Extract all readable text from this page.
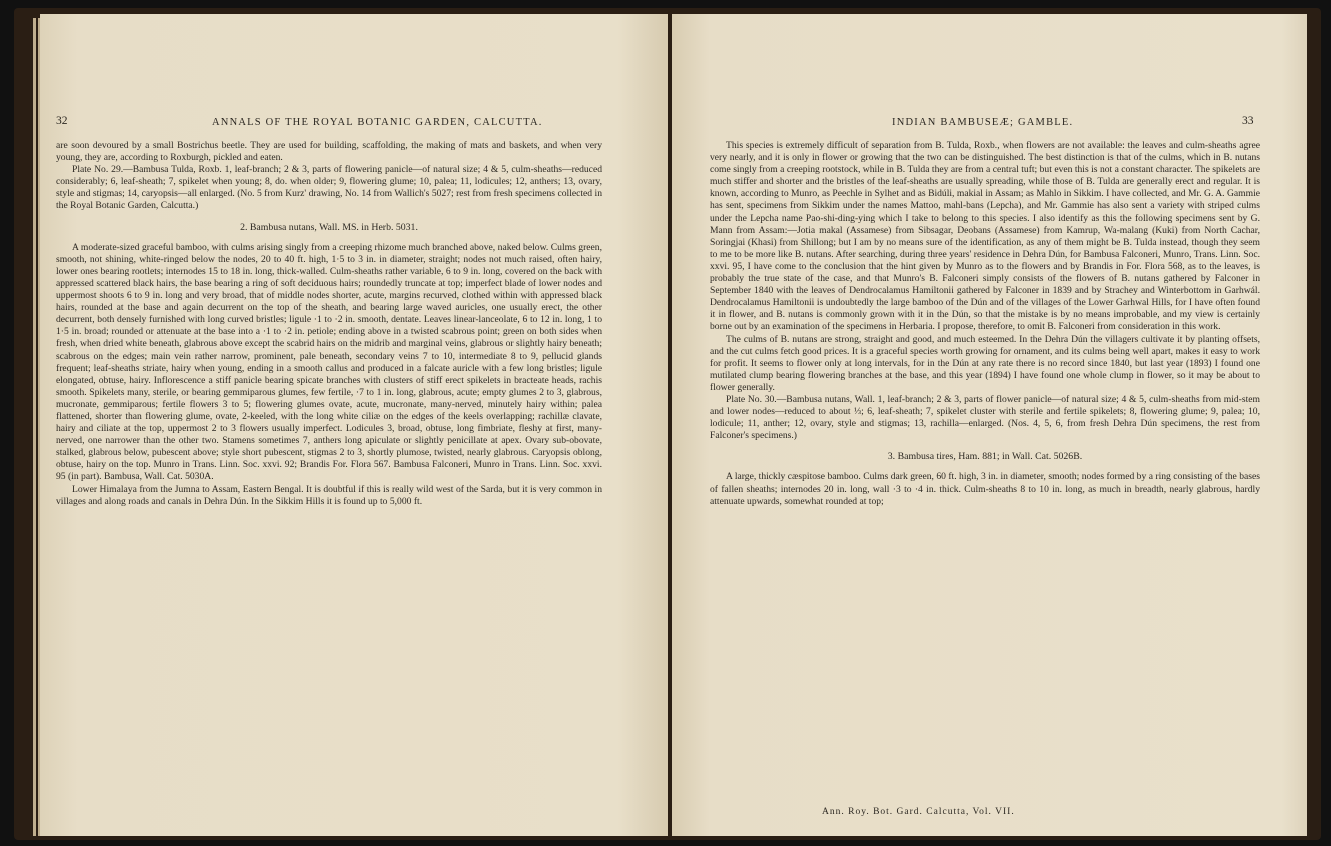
32	ANNALS OF THE ROYAL BOTANIC GARDEN, CALCUTTA.

are soon devoured by a small Bostrichus beetle. They are used for building, scaffolding, the making of mats and baskets, and when very young, they are, according to Roxburgh, pickled and eaten.

Plate No. 29.—Bambusa Tulda, Roxb. 1, leaf-branch; 2 & 3, parts of flowering panicle—of natural size; 4 & 5, culm-sheaths—reduced considerably; 6, leaf-sheath; 7, spikelet when young; 8, do. when older; 9, flowering glume; 10, palea; 11, lodicules; 12, anthers; 13, ovary, style and stigmas; 14, caryopsis—all enlarged. (No. 5 from Kurz' drawing, No. 14 from Wallich's 5027; rest from fresh specimens collected in the Royal Botanic Garden, Calcutta.)

2. Bambusa nutans, Wall. MS. in Herb. 5031.

A moderate-sized graceful bamboo, with culms arising singly from a creeping rhizome much branched above, naked below. Culms green, smooth, not shining, white-ringed below the nodes, 20 to 40 ft. high, 1·5 to 3 in. in diameter, straight; nodes not much raised, often hairy, lower ones bearing rootlets; internodes 15 to 18 in. long, thick-walled. Culm-sheaths rather variable, 6 to 9 in. long, covered on the back with appressed scattered black hairs, the base bearing a ring of soft deciduous hairs; roundedly truncate at top; imperfect blade of lower nodes and uppermost shoots 6 to 9 in. long and very broad, that of middle nodes shorter, acute, margins recurved, clothed within with appressed black hairs, rounded at the base and again decurrent on the top of the sheath, and bearing large waved auricles, one usually erect, the other decurrent, both densely furnished with long curved bristles; ligule ·1 to ·2 in. smooth, dentate. Leaves linear-lanceolate, 6 to 12 in. long, 1 to 1·5 in. broad; rounded or attenuate at the base into a ·1 to ·2 in. petiole; ending above in a twisted scabrous point; green on both sides when fresh, when dried white beneath, glabrous above except the scabrid hairs on the midrib and marginal veins, glabrous or slightly hairy beneath; scabrous on the edges; main vein rather narrow, prominent, pale beneath, secondary veins 7 to 10, intermediate 8 to 9, pellucid glands frequent; leaf-sheaths striate, hairy when young, ending in a smooth callus and produced in a falcate auricle with a few long bristles; ligule elongated, obtuse, hairy. Inflorescence a stiff panicle bearing spicate branches with clusters of stiff erect spikelets in bracteate heads, rachis smooth. Spikelets many, sterile, or bearing gemmiparous glumes, few fertile, ·7 to 1 in. long, glabrous, acute; empty glumes 2 to 3, glabrous, mucronate, gemmiparous; fertile flowers 3 to 5; flowering glumes ovate, acute, mucronate, many-nerved, minutely hairy within; palea flattened, shorter than flowering glume, ovate, 2-keeled, with the long white ciliæ on the edges of the keels overlapping; rachillæ clavate, hairy and ciliate at the top, uppermost 2 to 3 flowers usually imperfect. Lodicules 3, broad, obtuse, long fimbriate, fleshy at first, many-nerved, one narrower than the other two. Stamens sometimes 7, anthers long apiculate or slightly penicillate at apex. Ovary sub-obovate, stalked, glabrous below, pubescent above; style short pubescent, stigmas 2 to 3, shortly plumose, twisted, nearly glabrous. Caryopsis oblong, obtuse, hairy on the top. Munro in Trans. Linn. Soc. xxvi. 92; Brandis For. Flora 567. Bambusa Falconeri, Munro in Trans. Linn. Soc. xxvi. 95 (in part). Bambusa, Wall. Cat. 5030A.

Lower Himalaya from the Jumna to Assam, Eastern Bengal. It is doubtful if this is really wild west of the Sarda, but it is very common in villages and along roads and canals in Dehra Dún. In the Sikkim Hills it is found up to 5,000 ft.

33
INDIAN BAMBUSEÆ; GAMBLE.

This species is extremely difficult of separation from B. Tulda, Roxb., when flowers are not available: the leaves and culm-sheaths agree very nearly, and it is only in flower or growing that the two can be distinguished. The best distinction is that of the culms, which in B. nutans come singly from a creeping rootstock, while in B. Tulda they are from a central tuft; but even this is not a constant character. The spikelets are much stiffer and shorter and the bristles of the leaf-sheaths are usually spreading, while those of B. Tulda are generally erect and regular. It is known, according to Munro, as Peechle in Sylhet and as Bidúli, makial in Assam; as Mahlo in Sikkim. I have collected, and Mr. G. A. Gammie has sent, specimens from Sikkim under the names Mattoo, mahl-bans (Lepcha), and Mr. Gammie has also sent a variety with striped culms under the Lepcha name Pao-shi-ding-ying which I take to belong to this species. I also identify as this the following specimens sent by G. Mann from Assam:—Jotia makal (Assamese) from Sibsagar, Deobans (Assamese) from Kamrup, Wa-malang (Kuki) from North Cachar, Soringjai (Khasi) from Shillong; but I am by no means sure of the identification, as any of them might be B. Tulda instead, though they seem to me to be more like B. nutans. After searching, during three years' residence in Dehra Dún, for Bambusa Falconeri, Munro, Trans. Linn. Soc. xxvi. 95, I have come to the conclusion that the hint given by Munro as to the flowers and by Brandis in For. Flora 568, as to the leaves, is probably the true state of the case, and that Munro's B. Falconeri simply consists of the flowers of B. nutans gathered by Falconer in September 1840 with the leaves of Dendrocalamus Hamiltonii gathered by Falconer in 1839 and by Strachey and Winterbottom in Garhwál. Dendrocalamus Hamiltonii is undoubtedly the large bamboo of the Dún and of the villages of the Lower Garhwal Hills, for I have often found it in flower, and B. nutans is commonly grown with it in the Dún, so that the mistake is by no means improbable, and my view is certainly borne out by an examination of the specimens in Herbaria. I propose, therefore, to omit B. Falconeri from consideration in this work.

The culms of B. nutans are strong, straight and good, and much esteemed. In the Dehra Dún the villagers cultivate it by planting offsets, and the cut culms fetch good prices. It is a graceful species worth growing for ornament, and its culms being well apart, makes it easy to work for profit. It seems to flower only at long intervals, for in the Dún at any rate there is no record since 1840, but last year (1893) I found one mutilated clump bearing flowering branches at the base, and this year (1894) I have found one whole clump in flower, so it may be about to flower generally.

Plate No. 30.—Bambusa nutans, Wall. 1, leaf-branch; 2 & 3, parts of flower panicle—of natural size; 4 & 5, culm-sheaths from mid-stem and lower nodes—reduced to about ⅓; 6, leaf-sheath; 7, spikelet cluster with sterile and fertile spikelets; 8, flowering glume; 9, palea; 10, lodicule; 11, anther; 12, ovary, style and stigmas; 13, rachilla—enlarged. (Nos. 4, 5, 6, from fresh Dehra Dún specimens, the rest from Falconer's specimens.)

3. Bambusa tires, Ham. 881; in Wall. Cat. 5026B.

A large, thickly cæspitose bamboo. Culms dark green, 60 ft. high, 3 in. in diameter, smooth; nodes formed by a ring consisting of the bases of fallen sheaths; internodes 20 in. long, wall ·3 to ·4 in. thick. Culm-sheaths 8 to 10 in. long, as much in breadth, nearly glabrous, hardly attenuate upwards, somewhat rounded at top;

Ann. Roy. Bot. Gard. Calcutta, Vol. VII.
